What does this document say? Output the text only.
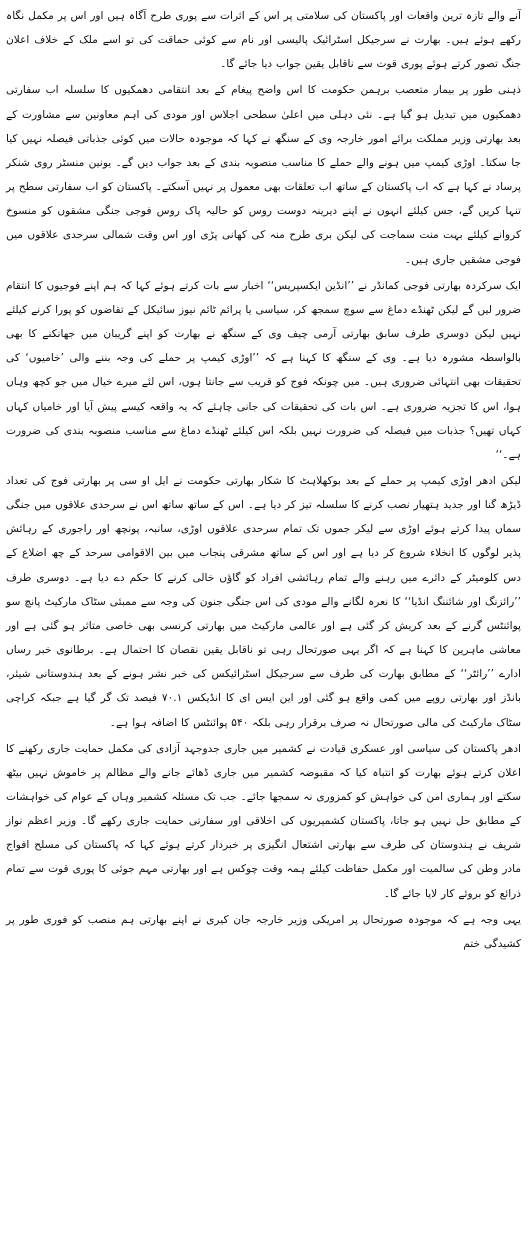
آنے والے تازہ ترین واقعات اور پاکستان کی سلامتی پر اس کے اثرات سے پوری طرح آگاہ ہیں اور اس پر مکمل نگاہ رکھے ہوئے ہیں۔ بھارت نے سرجیکل اسٹرائیک پالیسی اور نام سے کوئی حماقت کی تو اسے ملک کے خلاف اعلان جنگ تصور کرتے ہوئے پوری قوت سے ناقابل یقین جواب دیا جائے گا۔

ذہنی طور پر بیمار متعصب برہمن حکومت کا اس واضح پیغام کے بعد انتقامی دھمکیوں کا سلسلہ اب سفارتی دھمکیوں میں تبدیل ہو گیا ہے۔ نئی دہلی میں اعلیٰ سطحی اجلاس اور مودی کی اہم معاونین سے مشاورت کے بعد بھارتی وزیر مملکت برائے امور خارجہ وی کے سنگھ نے کہا کہ موجودہ حالات میں کوئی جذباتی فیصلہ نہیں کیا جا سکتا۔ اوڑی کیمپ میں ہونے والے حملے کا مناسب منصوبہ بندی کے بعد جواب دیں گے۔ یونین منسٹر روی شنکر پرساد نے کہا ہے کہ اب پاکستان کے ساتھ اب تعلقات بھی معمول پر نہیں آسکتے۔ پاکستان کو اب سفارتی سطح پر تنہا کریں گے، جس کیلئے انہوں نے اپنے دیرینہ دوست روس کو حالیہ پاک روس فوجی جنگی مشقوں کو منسوخ کروانے کیلئے بہت منت سماجت کی لیکن بری طرح منہ کی کھانی پڑی اور اس وقت شمالی سرحدی علاقوں میں فوجی مشقیں جاری ہیں۔

ایک سرکردہ بھارتی فوجی کمانڈر نے ’’انڈین ایکسپریس‘‘ اخبار سے بات کرتے ہوئے کہا کہ ہم اپنے فوجیوں کا انتقام ضرور لیں گے لیکن ٹھنڈے دماغ سے سوچ سمجھ کر، سیاسی یا پرائم ٹائم نیوز سائیکل کے تقاضوں کو پورا کرنے کیلئے نہیں لیکن دوسری طرف سابق بھارتی آرمی چیف وی کے سنگھ نے بھارت کو اپنے گریبان میں جھانکنے کا بھی بالواسطہ مشورہ دیا ہے۔ وی کے سنگھ کا کہنا ہے کہ ’’اوڑی کیمپ پر حملے کی وجہ بننے والی ’خامیوں‘ کی تحقیقات بھی انتہائی ضروری ہیں۔ میں چونکہ فوج کو قریب سے جانتا ہوں، اس لئے میرے خیال میں جو کچھ وہاں ہوا، اس کا تجزیہ ضروری ہے۔ اس بات کی تحقیقات کی جانی چاہئے کہ یہ واقعہ کیسے پیش آیا اور خامیاں کہاں کہاں تھیں؟ جذبات میں فیصلہ کی ضرورت نہیں بلکہ اس کیلئے ٹھنڈے دماغ سے مناسب منصوبہ بندی کی ضرورت ہے۔‘‘

لیکن ادھر اوڑی کیمپ پر حملے کے بعد بوکھلاہٹ کا شکار بھارتی حکومت نے ایل او سی پر بھارتی فوج کی تعداد ڈیڑھ گنا اور جدید ہتھیار نصب کرنے کا سلسلہ تیز کر دیا ہے۔ اس کے ساتھ ساتھ اس نے سرحدی علاقوں میں جنگی سماں پیدا کرتے ہوئے اوڑی سے لیکر جموں تک تمام سرحدی علاقوں اوڑی، سانبہ، پونچھ اور راجوری کے رہائش پذیر لوگوں کا انخلاء شروع کر دیا ہے اور اس کے ساتھ مشرقی پنجاب میں بین الاقوامی سرحد کے چھ اضلاع کے دس کلومیٹر کے دائرے میں رہنے والے تمام رہائشی افراد کو گاؤں خالی کرنے کا حکم دے دیا ہے۔ دوسری طرف ’’رائزنگ اور شائننگ انڈیا‘‘ کا نعرہ لگانے والے مودی کی اس جنگی جنون کی وجہ سے ممبئی سٹاک مارکیٹ پانچ سو پوائنٹس گرنے کے بعد کریش کر گئی ہے اور عالمی مارکیٹ میں بھارتی کرنسی بھی خاصی متاثر ہو گئی ہے اور معاشی ماہرین کا کہنا ہے کہ اگر یہی صورتحال رہی تو ناقابل یقین نقصان کا احتمال ہے۔ برطانوی خبر رساں ادارے ’’رائٹر‘‘ کے مطابق بھارت کی طرف سے سرجیکل اسٹرائیکس کی خبر نشر ہونے کے بعد ہندوستانی شیئر، بانڈز اور بھارتی روپے میں کمی واقع ہو گئی اور این ایس ای کا انڈیکس ۷۰.۱ فیصد تک گر گیا ہے جبکہ کراچی سٹاک مارکیٹ کی مالی صورتحال نہ صرف برقرار رہی بلکہ ۵۴۰ پوائنٹس کا اضافہ ہوا ہے۔

ادھر پاکستان کی سیاسی اور عسکری قیادت نے کشمیر میں جاری جدوجہد آزادی کی مکمل حمایت جاری رکھنے کا اعلان کرتے ہوئے بھارت کو انتباہ کیا کہ مقبوضہ کشمیر میں جاری ڈھائے جانے والے مظالم پر خاموش نہیں بیٹھ سکتے اور ہماری امن کی خواہش کو کمزوری نہ سمجھا جائے۔ جب تک مسئلہ کشمیر وہاں کے عوام کی خواہشات کے مطابق حل نہیں ہو جاتا، پاکستان کشمیریوں کی اخلاقی اور سفارتی حمایت جاری رکھے گا۔ وزیر اعظم نواز شریف نے ہندوستان کی طرف سے بھارتی اشتعال انگیزی پر خبردار کرتے ہوئے کہا کہ پاکستان کی مسلح افواج مادر وطن کی سالمیت اور مکمل حفاظت کیلئے ہمہ وقت چوکس ہے اور بھارتی مہم جوئی کا پوری قوت سے تمام ذرائع کو بروئے کار لایا جائے گا۔

یہی وجہ ہے کہ موجودہ صورتحال پر امریکی وزیر خارجہ جان کیری نے اپنے بھارتی ہم منصب کو فوری طور پر کشیدگی ختم
